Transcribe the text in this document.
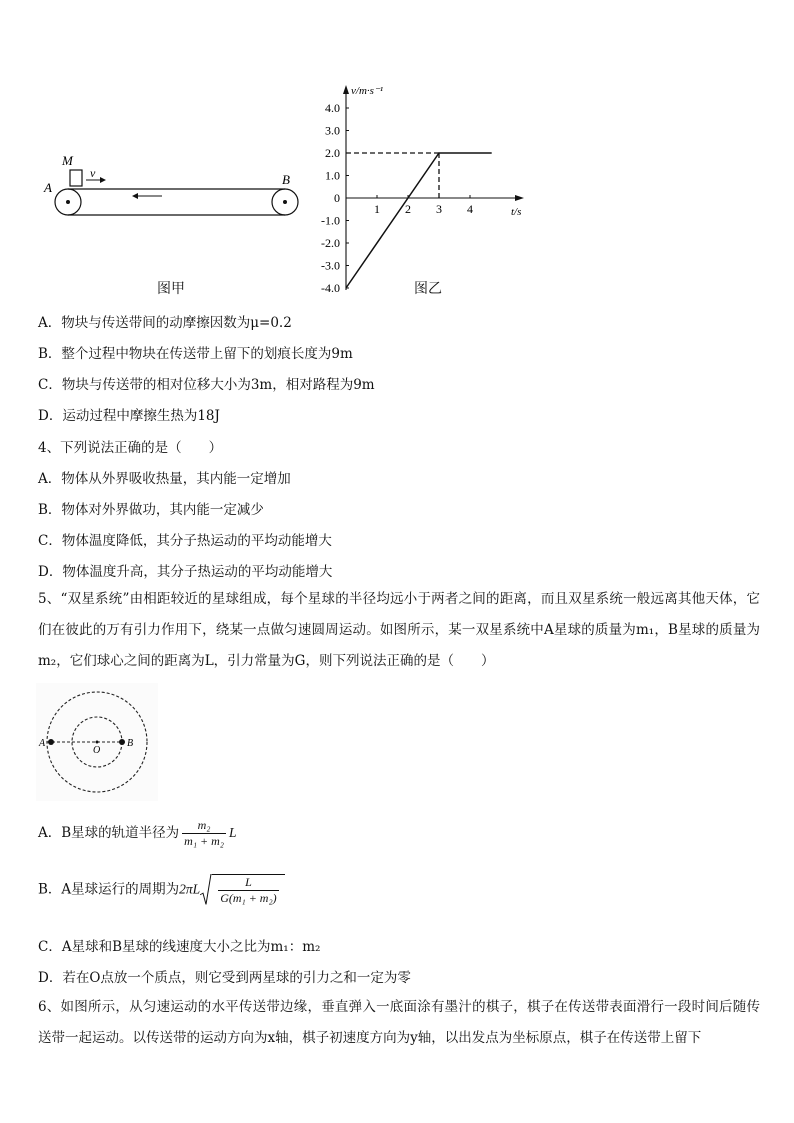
M
v
A
B
图甲
v/m·s⁻¹
t/s
4.0
3.0
2.0
1.0
0
-1.0
-2.0
-3.0
-4.0
1 2 3 4
图乙
A．物块与传送带间的动摩擦因数为μ=0.2
B．整个过程中物块在传送带上留下的划痕长度为9m
C．物块与传送带的相对位移大小为3m，相对路程为9m
D．运动过程中摩擦生热为18J
4、下列说法正确的是（　　）
A．物体从外界吸收热量，其内能一定增加
B．物体对外界做功，其内能一定减少
C．物体温度降低，其分子热运动的平均动能增大
D．物体温度升高，其分子热运动的平均动能增大
5、“双星系统”由相距较近的星球组成，每个星球的半径均远小于两者之间的距离，而且双星系统一般远离其他天体，它们在彼此的万有引力作用下，绕某一点做匀速圆周运动。如图所示，某一双星系统中A星球的质量为m₁，B星球的质量为m₂，它们球心之间的距离为L，引力常量为G，则下列说法正确的是（　　）
A
O
B
A．B星球的轨道半径为 $\frac{\text{m₂}}{\text{m₁ + m₂}}$ L
B．A星球运行的周期为$2\pi L \frac{L}{\text{G(m₁ + m₂)}}$
C．A星球和B星球的线速度大小之比为m₁：m₂
D．若在O点放一个质点，则它受到两星球的引力之和一定为零
6、如图所示，从匀速运动的水平传送带边缘，垂直弹入一底面涂有墨汁的棋子，棋子在传送带表面滑行一段时间后随传送带一起运动。以传送带的运动方向为x轴，棋子初速度方向为y轴，以出发点为坐标原点，棋子在传送带上留下
